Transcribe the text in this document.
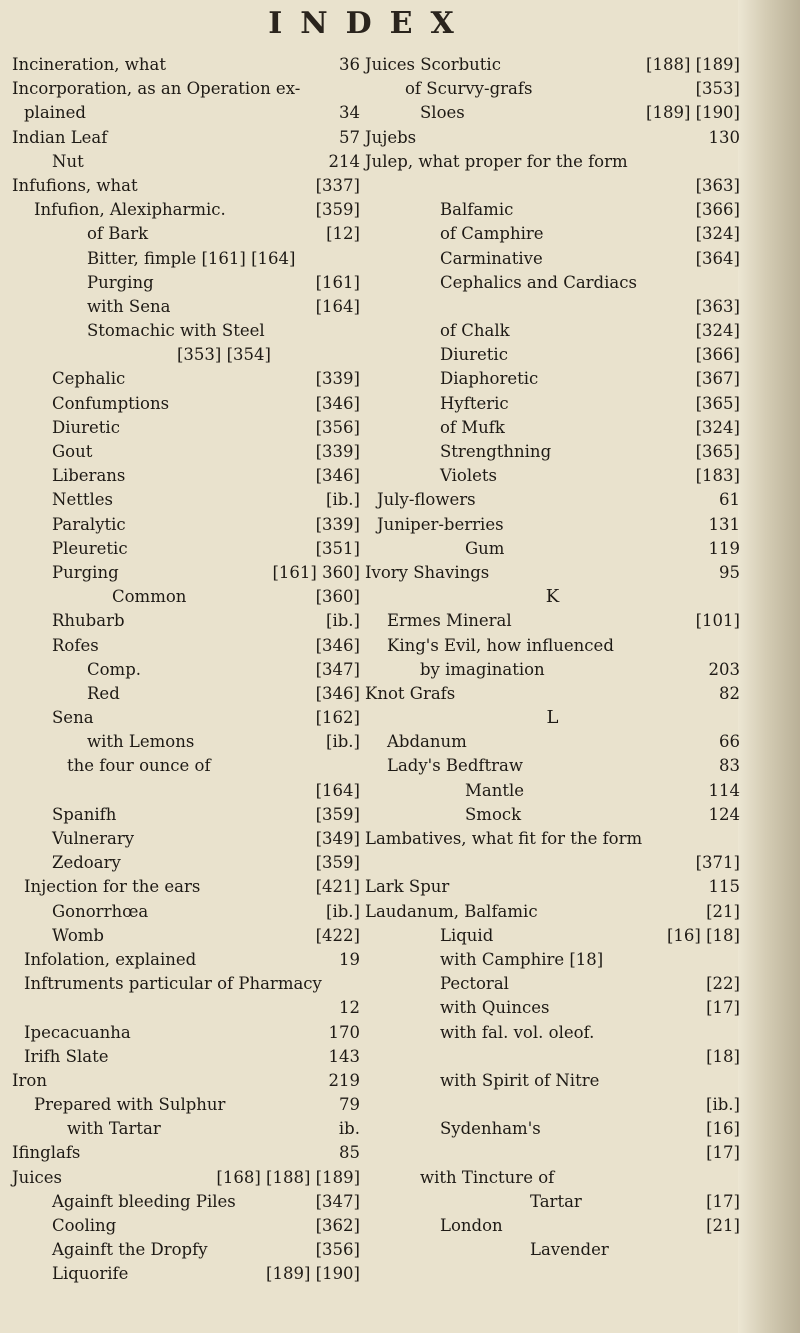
INDEX
Incineration, what	36
Incorporation, as an Operation ex-
plained	34
Indian Leaf	57
Nut	214
Infufions, what	[337]
Infufion, Alexipharmic.	[359]
of Bark	[12]
Bitter, fimple [161] [164]
Purging	[161]
with Sena	[164]
Stomachic with Steel
[353] [354]
Cephalic	[339]
Confumptions	[346]
Diuretic	[356]
Gout	[339]
Liberans	[346]
Nettles	[ib.]
Paralytic	[339]
Pleuretic	[351]
Purging	[161] 360]
Common	[360]
Rhubarb	[ib.]
Rofes	[346]
Comp.	[347]
Red	[346]
Sena	[162]
with Lemons	[ib.]
the four ounce of
[164]
Spanifh	[359]
Vulnerary	[349]
Zedoary	[359]
Injection for the ears	[421]
Gonorrhœa	[ib.]
Womb	[422]
Infolation, explained	19
Inftruments particular of Pharmacy
12
Ipecacuanha	170
Irifh Slate	143
Iron	219
Prepared with Sulphur	79
with Tartar	ib.
Ifinglafs	85
Juices	[168] [188] [189]
Againft bleeding Piles	[347]
Cooling	[362]
Againft the Dropfy	[356]
Liquorife	[189] [190]
Juices Scorbutic	[188] [189]
of Scurvy-grafs	[353]
Sloes	[189] [190]
Jujebs	130
Julep, what proper for the form
[363]
Balfamic	[366]
of Camphire	[324]
Carminative	[364]
Cephalics and Cardiacs
[363]
of Chalk	[324]
Diuretic	[366]
Diaphoretic	[367]
Hyfteric	[365]
of Mufk	[324]
Strengthning	[365]
Violets	[183]
July-flowers	61
Juniper-berries	131
Gum	119
Ivory Shavings	95
K
Ermes Mineral	[101]
King's Evil, how influenced
by imagination	203
Knot Grafs	82
L
Abdanum	66
Lady's Bedftraw	83
Mantle	114
Smock	124
Lambatives, what fit for the form
[371]
Lark Spur	115
Laudanum, Balfamic	[21]
Liquid	[16] [18]
with Camphire [18]
Pectoral	[22]
with Quinces	[17]
with fal. vol. oleof.
[18]
with Spirit of Nitre
[ib.]
Sydenham's	[16]
[17]
with Tincture of
Tartar	[17]
London	[21]
Lavender
